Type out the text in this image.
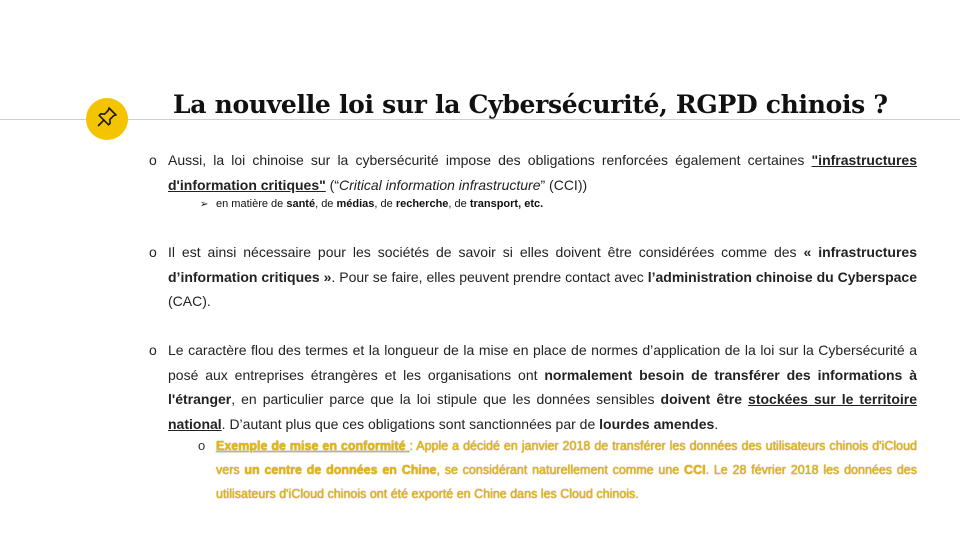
La nouvelle loi sur la Cybersécurité, RGPD chinois ?
o Aussi, la loi chinoise sur la cybersécurité impose des obligations renforcées également certaines "infrastructures d'information critiques" (“Critical information infrastructure” (CCI))
➢ en matière de santé, de médias, de recherche, de transport, etc.
o Il est ainsi nécessaire pour les sociétés de savoir si elles doivent être considérées comme des « infrastructures d’information critiques ». Pour se faire, elles peuvent prendre contact avec l’administration chinoise du Cyberspace (CAC).
o Le caractère flou des termes et la longueur de la mise en place de normes d’application de la loi sur la Cybersécurité a posé aux entreprises étrangères et les organisations ont normalement besoin de transférer des informations à l'étranger, en particulier parce que la loi stipule que les données sensibles doivent être stockées sur le territoire national. D’autant plus que ces obligations sont sanctionnées par de lourdes amendes.
o Exemple de mise en conformité : Apple a décidé en janvier 2018 de transférer les données des utilisateurs chinois d'iCloud vers un centre de données en Chine, se considérant naturellement comme une CCI. Le 28 février 2018 les données des utilisateurs d'iCloud chinois ont été exporté en Chine dans les Cloud chinois.
